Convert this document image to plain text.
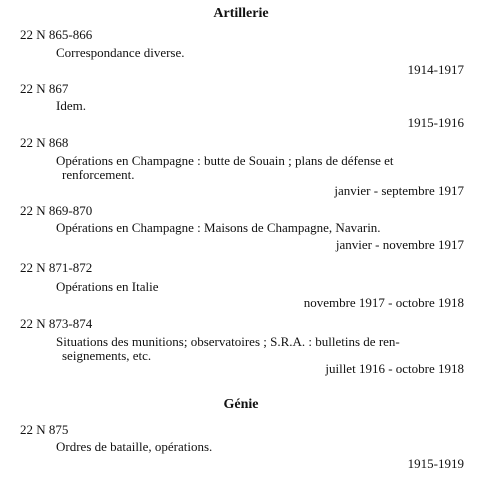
Artillerie
22 N 865-866
Correspondance diverse.
1914-1917
22 N 867
Idem.
1915-1916
22 N 868
Opérations en Champagne : butte de Souain ; plans de défense et
renforcement.
janvier - septembre 1917
22 N 869-870
Opérations en Champagne : Maisons de Champagne, Navarin.
janvier - novembre 1917
22 N 871-872
Opérations en Italie
novembre 1917 - octobre 1918
22 N 873-874
Situations des munitions; observatoires ; S.R.A. : bulletins de ren-
seignements, etc.
juillet 1916 - octobre 1918
Génie
22 N 875
Ordres de bataille, opérations.
1915-1919
